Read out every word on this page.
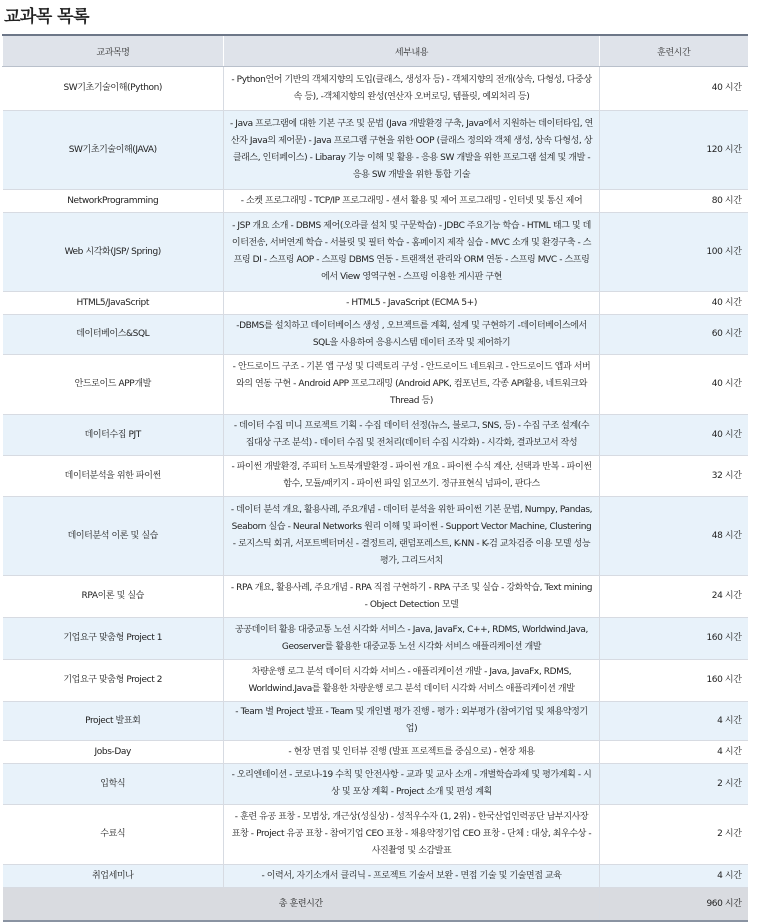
교과목 목록
교과목명	세부내용	훈련시간
SW기초기술이해(Python)	- Python언어 기반의 객체지향의 도입(클래스, 생성자 등) - 객체지향의 전개(상속, 다형성, 다중상속 등), -객체지향의 완성(연산자 오버로딩, 템플릿, 예외처리 등)	40 시간
SW기초기술이해(JAVA)	- Java 프로그램에 대한 기본 구조 및 문법 (Java 개발환경 구축, Java에서 지원하는 데이터타입, 연산자 Java의 제어문) - Java 프로그램 구현을 위한 OOP (클래스 정의와 객체 생성, 상속 다형성, 상클래스, 인터페이스) - Libaray 기능 이해 및 활용 - 응용 SW 개발을 위한 프로그램 설계 및 개발 - 응용 SW 개발을 위한 통합 기술	120 시간
NetworkProgramming	- 소켓 프로그래밍 - TCP/IP 프로그래밍 - 센서 활용 및 제어 프로그래밍 - 인터넷 및 통신 제어	80 시간
Web 시각화(JSP/ Spring)	- JSP 개요 소개 - DBMS 제어(오라클 설치 및 구문학습) - JDBC 주요기능 학습 - HTML 태그 및 데이터전송, 서버연계 학습 - 서블릿 및 필터 학습 - 홈페이지 제작 실습 - MVC 소개 및 환경구축 - 스프링 DI - 스프링 AOP - 스프링 DBMS 연동 - 트랜잭션 관리와 ORM 연동 - 스프링 MVC - 스프링에서 View 영역구현 - 스프링 이용한 게시판 구현	100 시간
HTML5/JavaScript	- HTML5 - JavaScript (ECMA 5+)	40 시간
데이터베이스&SQL	-DBMS를 설치하고 데이터베이스 생성 , 오브젝트를 계획, 설계 및 구현하기 -데이터베이스에서 SQL을 사용하여 응용시스템 데이터 조작 및 제어하기	60 시간
안드로이드 APP개발	- 안드로이드 구조 - 기본 앱 구성 및 디렉토리 구성 - 안드로이드 네트워크 - 안드로이드 앱과 서버와의 연동 구현 - Android APP 프로그래밍 (Android APK, 컴포넌트, 각종 API활용, 네트워크와 Thread 등)	40 시간
데이터수집 PJT	- 데이터 수집 미니 프로젝트 기획 - 수집 데이터 선정(뉴스, 블로그, SNS, 등) - 수집 구조 설계(수집대상 구조 분석) - 데이터 수집 및 전처리(데이터 수집 시각화) - 시각화, 결과보고서 작성	40 시간
데이터분석을 위한 파이썬	- 파이썬 개발환경, 주피터 노트북개발환경 - 파이썬 개요 - 파이썬 수식 계산, 선택과 반복 - 파이썬 함수, 모듈/패키지 - 파이썬 파일 읽고쓰기. 정규표현식 넘파이, 판다스	32 시간
데이터분석 이론 및 실습	- 데이터 분석 개요, 활용사례, 주요개념 - 데이터 분석을 위한 파이썬 기본 문법, Numpy, Pandas, Seaborn 실습 - Neural Networks 원리 이해 및 파이썬 - Support Vector Machine, Clustering - 로지스틱 회귀, 서포트벡터머신 - 결정트리, 랜덤포레스트, K-NN - K-검 교차검증 이용 모델 성능평가, 그리드서치	48 시간
RPA이론 및 실습	- RPA 개요, 활용사례, 주요개념 - RPA 직접 구현하기 - RPA 구조 및 실습 - 강화학습, Text mining - Object Detection 모델	24 시간
기업요구 맞춤형 Project 1	공공데이터 활용 대중교통 노선 시각화 서비스 - Java, JavaFx, C++, RDMS, Worldwind.Java, Geoserver를 활용한 대중교통 노선 시각화 서비스 애플리케이션 개발	160 시간
기업요구 맞춤형 Project 2	차량운행 로그 분석 데이터 시각화 서비스 - 애플리케이션 개발 - Java, JavaFx, RDMS, Worldwind.Java를 활용한 차량운행 로그 분석 데이터 시각화 서비스 애플리케이션 개발	160 시간
Project 발표회	- Team 별 Project 발표 - Team 및 개인별 평가 진행 - 평가 : 외부평가 (참여기업 및 채용약정기업)	4 시간
Jobs-Day	- 현장 면접 및 인터뷰 진행 (발표 프로젝트를 중심으로) - 현장 채용	4 시간
입학식	- 오리엔테이션 - 코로나-19 수칙 및 안전사항 - 교과 및 교사 소개 - 개별학습과제 및 평가계획 - 시상 및 포상 계획 - Project 소개 및 편성 계획	2 시간
수료식	- 훈련 유공 표창 - 모범상, 개근상(성실상) - 성적우수자 (1, 2위) - 한국산업인력공단 남부지사장 표창 - Project 유공 표창 - 참여기업 CEO 표창 - 채용약정기업 CEO 표창 - 단체 : 대상, 최우수상 - 사진촬영 및 소감발표	2 시간
취업세미나	- 이력서, 자기소개서 클리닉 - 프로젝트 기술서 보완 - 면접 기술 및 기술면접 교육	4 시간
총 훈련시간		960 시간
